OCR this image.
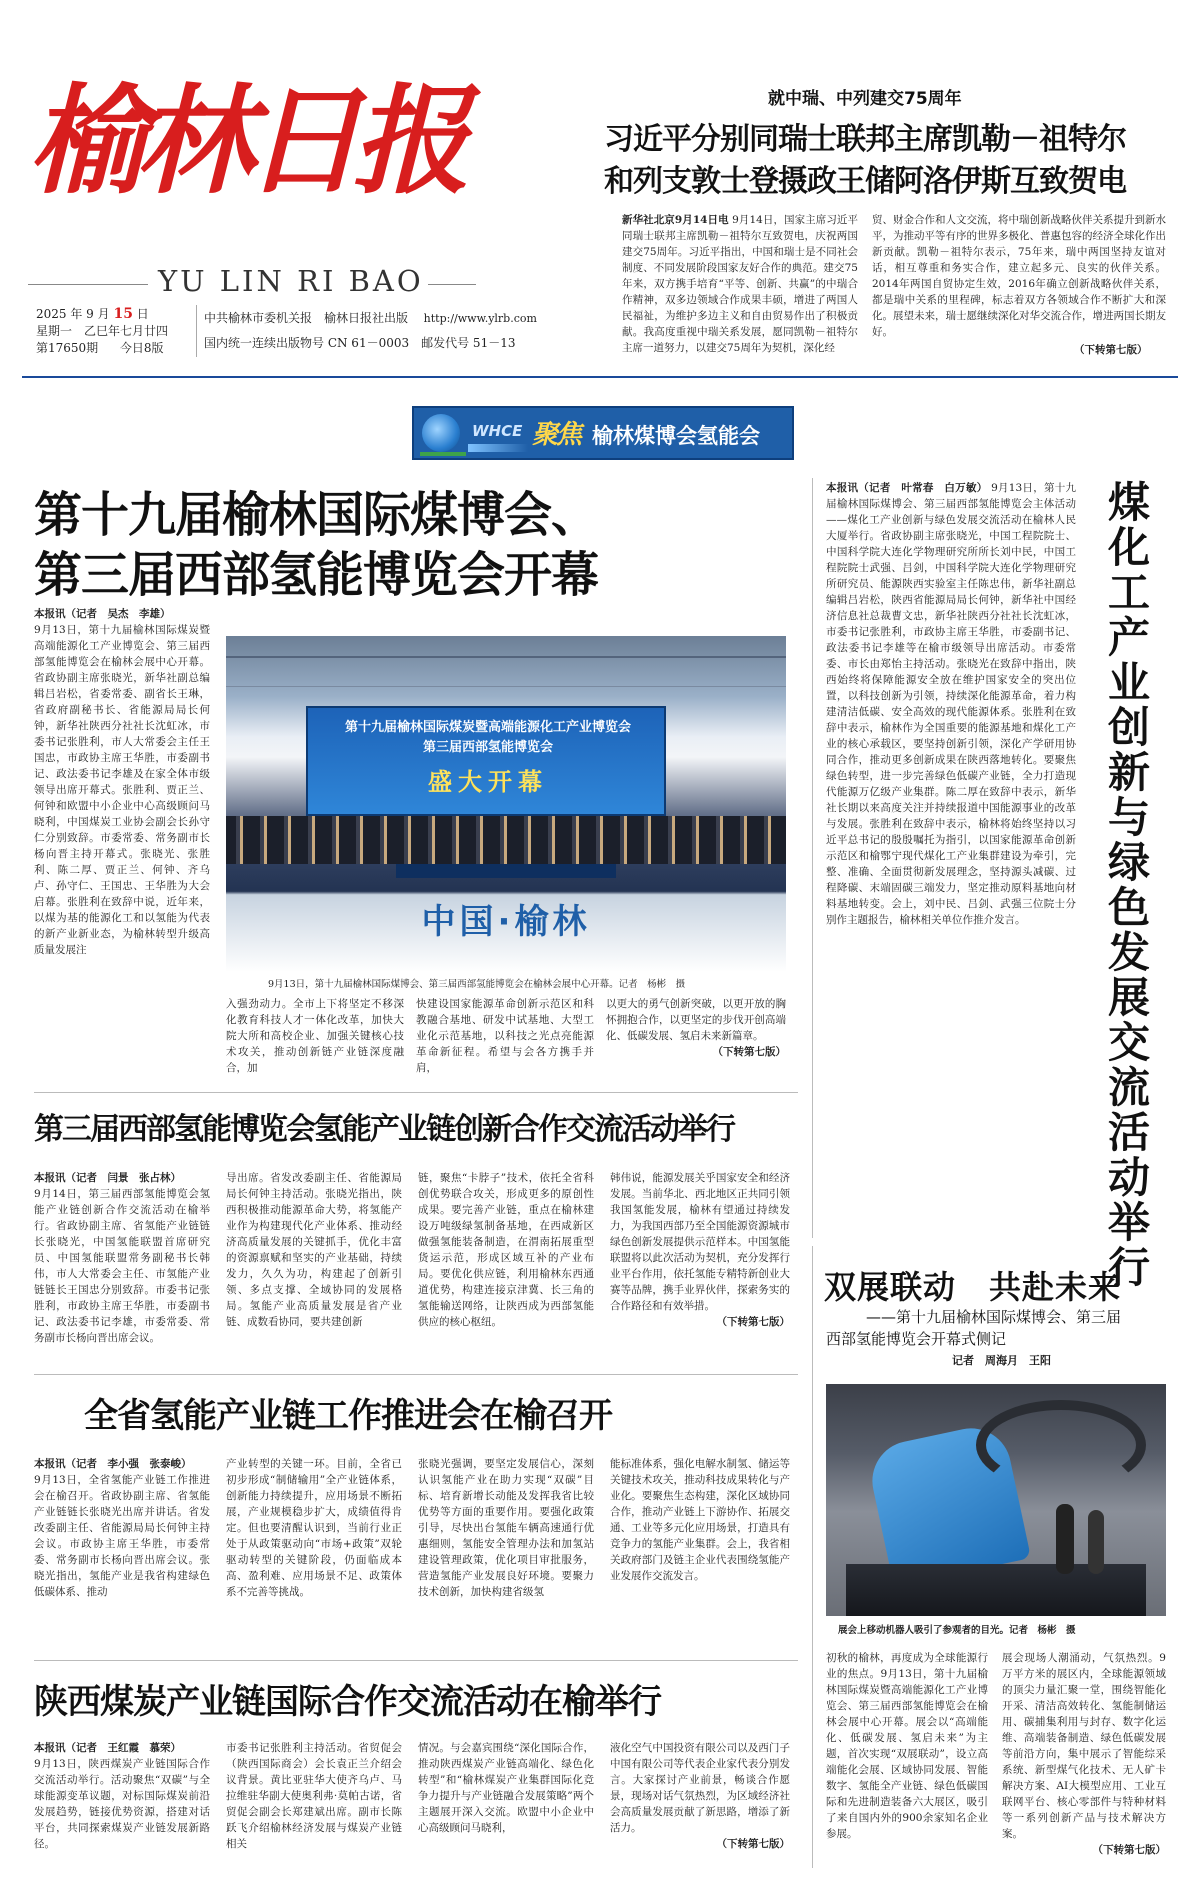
榆林日报
YU LIN RI BAO
2025 年 9 月 15 日
星期一　乙巳年七月廿四
第17650期 今日8版
中共榆林市委机关报　榆林日报社出版 http://www.ylrb.com
国内统一连续出版物号 CN 61－0003　邮发代号 51－13
就中瑞、中列建交75周年
习近平分别同瑞士联邦主席凯勒－祖特尔
和列支敦士登摄政王储阿洛伊斯互致贺电
新华社北京9月14日电 9月14日，国家主席习近平同瑞士联邦主席凯勒－祖特尔互致贺电，庆祝两国建交75周年。习近平指出，中国和瑞士是不同社会制度、不同发展阶段国家友好合作的典范。建交75年来，双方携手培育“平等、创新、共赢”的中瑞合作精神，双多边领域合作成果丰硕，增进了两国人民福祉，为维护多边主义和自由贸易作出了积极贡献。我高度重视中瑞关系发展，愿同凯勒－祖特尔主席一道努力，以建交75周年为契机，深化经
贸、财金合作和人文交流，将中瑞创新战略伙伴关系提升到新水平，为推动平等有序的世界多极化、普惠包容的经济全球化作出新贡献。凯勒－祖特尔表示，75年来，瑞中两国坚持友谊对话，相互尊重和务实合作，建立起多元、良实的伙伴关系。2014年两国自贸协定生效，2016年确立创新战略伙伴关系，都是瑞中关系的里程碑，标志着双方各领域合作不断扩大和深化。展望未来，瑞士愿继续深化对华交流合作，增进两国长期友好。
（下转第七版）
WHCE 聚焦 榆林煤博会氢能会
第十九届榆林国际煤博会、
第三届西部氢能博览会开幕
本报讯（记者　吴杰　李雄）
9月13日，第十九届榆林国际煤炭暨高端能源化工产业博览会、第三届西部氢能博览会在榆林会展中心开幕。省政协副主席张晓光，新华社副总编辑吕岩松，省委常委、副省长王琳，省政府副秘书长、省能源局局长何钟，新华社陕西分社社长沈虹冰，市委书记张胜利，市人大常委会主任王国忠，市政协主席王华胜，市委副书记、政法委书记李雄及在家全体市级领导出席开幕式。张胜利、贾正兰、何钟和欧盟中小企业中心高级顾问马晓利，中国煤炭工业协会副会长孙守仁分别致辞。市委常委、常务副市长杨向晋主持开幕式。张晓光、张胜利、陈二厚、贾正兰、何钟、齐乌卢、孙守仁、王国忠、王华胜为大会启幕。张胜利在致辞中说，近年来，以煤为基的能源化工和以氢能为代表的新产业新业态，为榆林转型升级高质量发展注
第十九届榆林国际煤炭暨高端能源化工产业博览会
第三届西部氢能博览会
盛大开幕
中国·榆林
9月13日，第十九届榆林国际煤博会、第三届西部氢能博览会在榆林会展中心开幕。记者　杨彬　摄
入强劲动力。全市上下将坚定不移深化教育科技人才一体化改革，加快大院大所和高校企业、加强关键核心技术攻关，推动创新链产业链深度融合，加
快建设国家能源革命创新示范区和科教融合基地、研发中试基地、大型工业化示范基地，以科技之光点亮能源革命新征程。希望与会各方携手并肩，
以更大的勇气创新突破，以更开放的胸怀拥抱合作，以更坚定的步伐开创高端化、低碳发展、氢启未来新篇章。
（下转第七版）
本报讯（记者　叶常春　白万敏） 9月13日，第十九届榆林国际煤博会、第三届西部氢能博览会主体活动——煤化工产业创新与绿色发展交流活动在榆林人民大厦举行。省政协副主席张晓光，中国工程院院士、中国科学院大连化学物理研究所所长刘中民，中国工程院院士武强、吕剑，中国科学院大连化学物理研究所研究员、能源陕西实验室主任陈忠伟，新华社副总编辑吕岩松，陕西省能源局局长何钟，新华社中国经济信息社总裁曹文忠，新华社陕西分社社长沈虹冰，市委书记张胜利，市政协主席王华胜，市委副书记、政法委书记李雄等在榆市级领导出席活动。市委常委、市长由郑怡主持活动。张晓光在致辞中指出，陕西始终将保障能源安全放在维护国家安全的突出位置，以科技创新为引领，持续深化能源革命，着力构建清洁低碳、安全高效的现代能源体系。张胜利在致辞中表示，榆林作为全国重要的能源基地和煤化工产业的核心承载区，要坚持创新引领，深化产学研用协同合作，推动更多创新成果在陕西落地转化。要聚焦绿色转型，进一步完善绿色低碳产业链，全力打造现代能源万亿级产业集群。陈二厚在致辞中表示，新华社长期以来高度关注并持续报道中国能源事业的改革与发展。张胜利在致辞中表示，榆林将始终坚持以习近平总书记的殷殷嘱托为指引，以国家能源革命创新示范区和榆鄂宁现代煤化工产业集群建设为牵引，完整、准确、全面贯彻新发展理念，坚持源头减碳、过程降碳、末端固碳三端发力，坚定推动原料基地向材料基地转变。会上，刘中民、吕剑、武强三位院士分别作主题报告，榆林相关单位作推介发言。
煤化工产业创新与绿色发展交流活动举行
双展联动　共赴未来
——第十九届榆林国际煤博会、第三届
西部氢能博览会开幕式侧记
记者　周海月　王阳
展会上移动机器人吸引了参观者的目光。记者　杨彬　摄
初秋的榆林，再度成为全球能源行业的焦点。9月13日，第十九届榆林国际煤炭暨高端能源化工产业博览会、第三届西部氢能博览会在榆林会展中心开幕。展会以“高端能化、低碳发展、氢启未来”为主题，首次实现“双展联动”，设立高端能化会展、区域协同发展、智能数字、氢能全产业链、绿色低碳国际和先进制造装备六大展区，吸引了来自国内外的900余家知名企业参展。
展会现场人潮涌动，气氛热烈。9万平方米的展区内，全球能源领域的顶尖力量汇聚一堂，围绕智能化开采、清洁高效转化、氢能制储运用、碳捕集利用与封存、数字化运维、高端装备制造、绿色低碳发展等前沿方向，集中展示了智能综采系统、新型煤气化技术、无人矿卡解决方案、AI大模型应用、工业互联网平台、核心零部件与特种材料等一系列创新产品与技术解决方案。
（下转第七版）
第三届西部氢能博览会氢能产业链创新合作交流活动举行
本报讯（记者　闫景　张占林）
9月14日，第三届西部氢能博览会氢能产业链创新合作交流活动在榆举行。省政协副主席、省氢能产业链链长张晓光，中国氢能联盟首席研究员、中国氢能联盟常务副秘书长韩伟，市人大常委会主任、市氢能产业链链长王国忠分别致辞。市委书记张胜利，市政协主席王华胜，市委副书记、政法委书记李雄，市委常委、常务副市长杨向晋出席会议。
导出席。省发改委副主任、省能源局局长何钟主持活动。张晓光指出，陕西积极推动能源革命大势，将氢能产业作为构建现代化产业体系、推动经济高质量发展的关键抓手，优化丰富的资源禀赋和坚实的产业基础，持续发力，久久为功，构建起了创新引领、多点支撑、全域协同的发展格局。氢能产业高质量发展是省产业链、成数看协同，要共建创新
链，聚焦“卡脖子”技术，依托全省科创优势联合攻关，形成更多的原创性成果。要完善产业链，重点在榆林建设万吨级绿氢制备基地，在西咸新区做强氢能装备制造，在渭南拓展重型货运示范，形成区域互补的产业布局。要优化供应链，利用榆林东西通道优势，构建连接京津冀、长三角的氢能输送网络，让陕西成为西部氢能供应的核心枢纽。
韩伟说，能源发展关乎国家安全和经济发展。当前华北、西北地区正共同引领我国氢能发展，榆林有望通过持续发力，为我国西部乃至全国能源资源城市绿色创新发展提供示范样本。中国氢能联盟将以此次活动为契机，充分发挥行业平台作用，依托氢能专精特新创业大赛等品牌，携手业界伙伴，探索务实的合作路径和有效举措。
（下转第七版）
全省氢能产业链工作推进会在榆召开
本报讯（记者　李小强　张泰峻）
9月13日，全省氢能产业链工作推进会在榆召开。省政协副主席、省氢能产业链链长张晓光出席并讲话。省发改委副主任、省能源局局长何钟主持会议。市政协主席王华胜，市委常委、常务副市长杨向晋出席会议。张晓光指出，氢能产业是我省构建绿色低碳体系、推动
产业转型的关键一环。目前，全省已初步形成“制储输用”全产业链体系，创新能力持续提升，应用场景不断拓展，产业规模稳步扩大，成绩值得肯定。但也要清醒认识到，当前行业正处于从政策驱动向“市场+政策”双轮驱动转型的关键阶段，仍面临成本高、盈利难、应用场景不足、政策体系不完善等挑战。
张晓光强调，要坚定发展信心，深刻认识氢能产业在助力实现“双碳”目标、培育新增长动能及发挥我省比较优势等方面的重要作用。要强化政策引导，尽快出台氢能车辆高速通行优惠细则，氢能安全管理办法和加氢站建设管理政策，优化项目审批服务，营造氢能产业发展良好环境。要聚力技术创新，加快构建省级氢
能标准体系，强化电解水制氢、储运等关键技术攻关，推动科技成果转化与产业化。要聚焦生态构建，深化区域协同合作，推动产业链上下游协作、拓展交通、工业等多元化应用场景，打造具有竞争力的氢能产业集群。会上，我省相关政府部门及链主企业代表围绕氢能产业发展作交流发言。
陕西煤炭产业链国际合作交流活动在榆举行
本报讯（记者　王红霞　慕荣）
9月13日，陕西煤炭产业链国际合作交流活动举行。活动聚焦“双碳”与全球能源变革议题，对标国际煤炭前沿发展趋势，链接优势资源，搭建对话平台，共同探索煤炭产业链发展新路径。
市委书记张胜利主持活动。省贸促会（陕西国际商会）会长袁正兰介绍会议背景。黄比亚驻华大使齐乌卢、马拉维驻华副大使奥利弗·莫帕古诺，省贸促会副会长郑建斌出席。副市长陈跃飞介绍榆林经济发展与煤炭产业链相关
情况。与会嘉宾围绕“深化国际合作，推动陕西煤炭产业链高端化、绿色化转型”和“榆林煤炭产业集群国际化竞争力提升与产业链融合发展策略”两个主题展开深入交流。欧盟中小企业中心高级顾问马晓利，
液化空气中国投资有限公司以及西门子中国有限公司等代表企业家代表分别发言。大家探讨产业前景，畅谈合作愿景，现场对话气氛热烈，为区域经济社会高质量发展贡献了新思路，增添了新活力。
（下转第七版）
